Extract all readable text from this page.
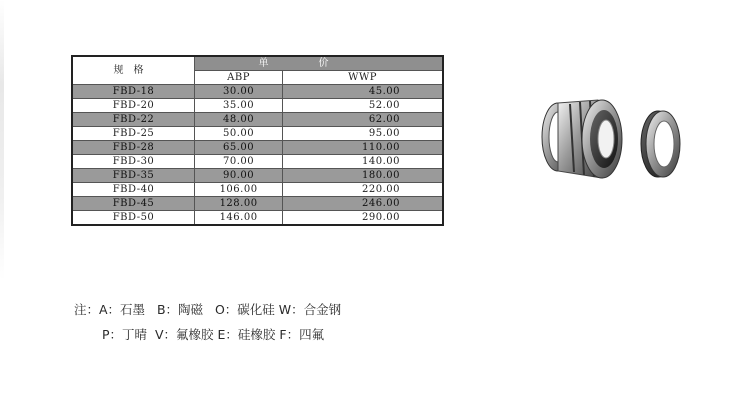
规格	单价	
	ABP	WWP
FBD-18	30.00	45.00
FBD-20	35.00	52.00
FBD-22	48.00	62.00
FBD-25	50.00	95.00
FBD-28	65.00	110.00
FBD-30	70.00	140.00
FBD-35	90.00	180.00
FBD-40	106.00	220.00
FBD-45	128.00	246.00
FBD-50	146.00	290.00
注：A：石墨   B：陶磁   O：碳化硅 W：合金钢
P：丁晴  V：氟橡胶 E：硅橡胶 F：四氟
